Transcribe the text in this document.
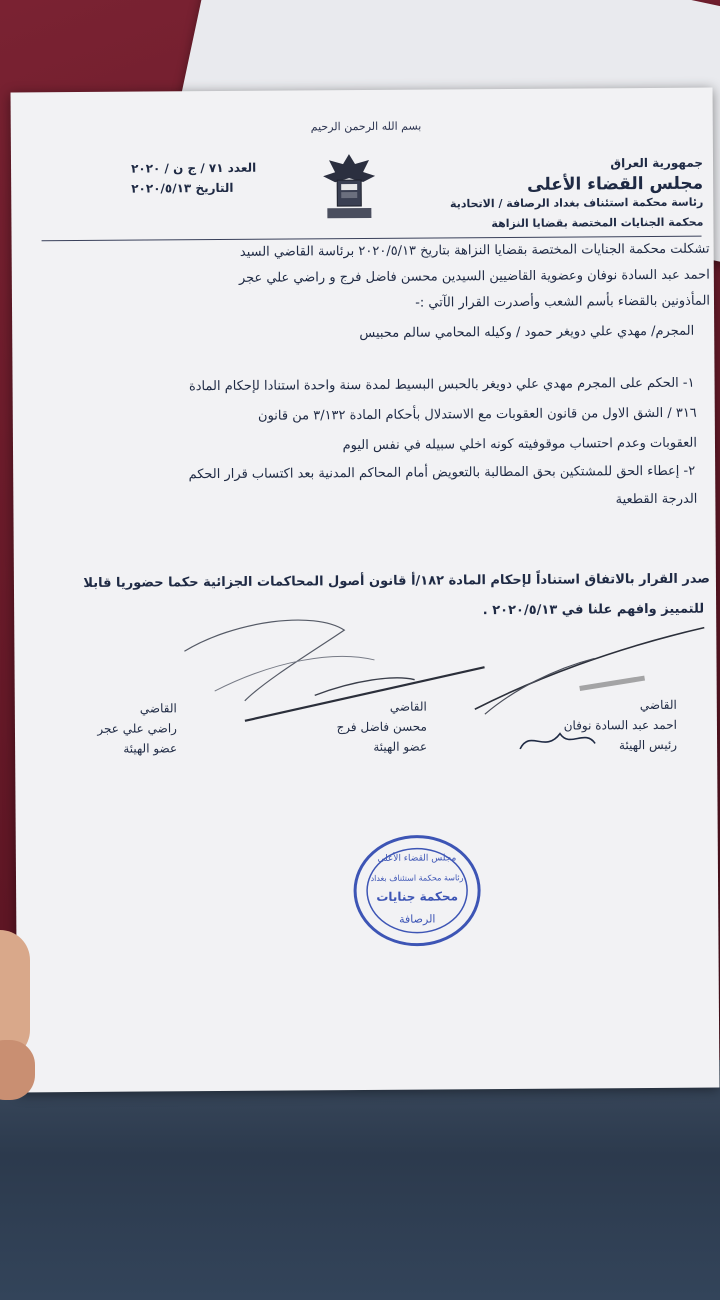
بسم الله الرحمن الرحيم
جمهورية العراق
مجلس القضاء الأعلى
رئاسة محكمة استئناف بغداد الرصافة / الاتحادية
محكمة الجنايات المختصة بقضايا النزاهة
العدد ٧١ / ج ن / ٢٠٢٠
التاريخ ٢٠٢٠/٥/١٣
تشكلت محكمة الجنايات المختصة بقضايا النزاهة بتاريخ ٢٠٢٠/٥/١٣ برئاسة القاضي السيد
احمد عبد السادة نوفان وعضوية القاضيين السيدين محسن فاضل فرج و راضي علي عجر
المأذونين بالقضاء بأسم الشعب وأصدرت القرار الآتي :-
المجرم/ مهدي علي دويغر حمود / وكيله المحامي سالم محبيس
١- الحكم على المجرم مهدي علي دويغر بالحبس البسيط لمدة سنة واحدة استنادا لإحكام المادة
٣١٦ / الشق الاول من قانون العقوبات مع الاستدلال بأحكام المادة ٣/١٣٢ من قانون
العقوبات وعدم احتساب موقوفيته كونه اخلي سبيله في نفس اليوم
٢- إعطاء الحق للمشتكين بحق المطالبة بالتعويض أمام المحاكم المدنية بعد اكتساب قرار الحكم
الدرجة القطعية
صدر القرار بالاتفاق استناداً لإحكام المادة ١٨٢/أ قانون أصول المحاكمات الجزائية حكما حضوريا قابلا
للتمييز وافهم علنا في ٢٠٢٠/٥/١٣ .
القاضي
احمد عبد السادة نوفان
رئيس الهيئة
القاضي
محسن فاضل فرج
عضو الهيئة
القاضي
راضي علي عجر
عضو الهيئة
مجلس القضاء الأعلى
رئاسة محكمة استئناف بغداد
محكمة جنايات
الرصافة
